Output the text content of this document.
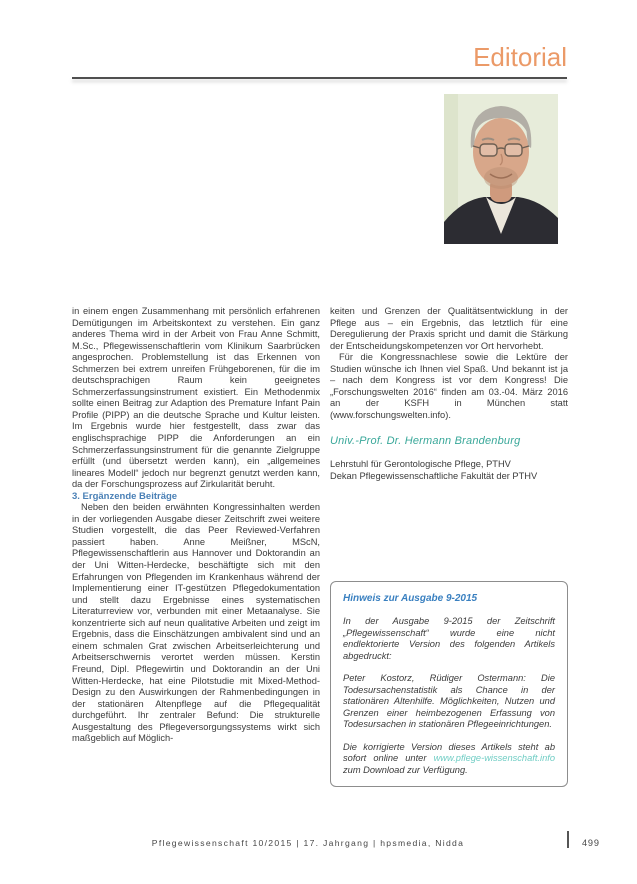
Editorial

in einem engen Zusammenhang mit persönlich erfahrenen Demütigungen im Arbeitskontext zu verstehen. Ein ganz anderes Thema wird in der Arbeit von Frau Anne Schmitt, M.Sc., Pflegewissenschaftlerin vom Klinikum Saarbrücken angesprochen. Problemstellung ist das Erkennen von Schmerzen bei extrem unreifen Frühgeborenen, für die im deutschsprachigen Raum kein geeignetes Schmerzerfassungsinstrument existiert. Ein Methodenmix sollte einen Beitrag zur Adaption des Premature Infant Pain Profile (PIPP) an die deutsche Sprache und Kultur leisten. Im Ergebnis wurde hier festgestellt, dass zwar das englischsprachige PIPP die Anforderungen an ein Schmerzerfassungsinstrument für die genannte Zielgruppe erfüllt (und übersetzt werden kann), ein „allgemeines lineares Modell“ jedoch nur begrenzt genutzt werden kann, da der Forschungsprozess auf Zirkularität beruht.

3. Ergänzende Beiträge

Neben den beiden erwähnten Kongressinhalten werden in der vorliegenden Ausgabe dieser Zeitschrift zwei weitere Studien vorgestellt, die das Peer Reviewed-Verfahren passiert haben. Anne Meißner, MScN, Pflegewissenschaftlerin aus Hannover und Doktorandin an der Uni Witten-Herdecke, beschäftigte sich mit den Erfahrungen von Pflegenden im Krankenhaus während der Implementierung einer IT-gestützen Pflegedokumentation und stellt dazu Ergebnisse eines systematischen Literaturreview vor, verbunden mit einer Metaanalyse. Sie konzentrierte sich auf neun qualitative Arbeiten und zeigt im Ergebnis, dass die Einschätzungen ambivalent sind und an einem schmalen Grat zwischen Arbeitserleichterung und Arbeitserschwernis verortet werden müssen. Kerstin Freund, Dipl. Pflegewirtin und Doktorandin an der Uni Witten-Herdecke, hat eine Pilotstudie mit Mixed-Method-Design zu den Auswirkungen der Rahmenbedingungen in der stationären Altenpflege auf die Pflegequalität durchgeführt. Ihr zentraler Befund: Die strukturelle Ausgestaltung des Pflegeversorgungssystems wirkt sich maßgeblich auf Möglich-

keiten und Grenzen der Qualitätsentwicklung in der Pflege aus – ein Ergebnis, das letztlich für eine Deregulierung der Praxis spricht und damit die Stärkung der Entscheidungskompetenzen vor Ort hervorhebt.

Für die Kongressnachlese sowie die Lektüre der Studien wünsche ich Ihnen viel Spaß. Und bekannt ist ja – nach dem Kongress ist vor dem Kongress! Die „Forschungswelten 2016“ finden am 03.-04. März 2016 an der KSFH in München statt (www.forschungswelten.info).

Univ.-Prof. Dr. Hermann Brandenburg
Lehrstuhl für Gerontologische Pflege, PTHV
Dekan Pflegewissenschaftliche Fakultät der PTHV

Hinweis zur Ausgabe 9-2015

In der Ausgabe 9-2015 der Zeitschrift „Pflegewissenschaft“ wurde eine nicht endlektorierte Version des folgenden Artikels abgedruckt:

Peter Kostorz, Rüdiger Ostermann: Die Todesursachenstatistik als Chance in der stationären Altenhilfe. Möglichkeiten, Nutzen und Grenzen einer heimbezogenen Erfassung von Todesursachen in stationären Pflegeeinrichtungen.

Die korrigierte Version dieses Artikels steht ab sofort online unter www.pflege-wissenschaft.info zum Download zur Verfügung.

Pflegewissenschaft 10/2015 | 17. Jahrgang | hpsmedia, Nidda	499
